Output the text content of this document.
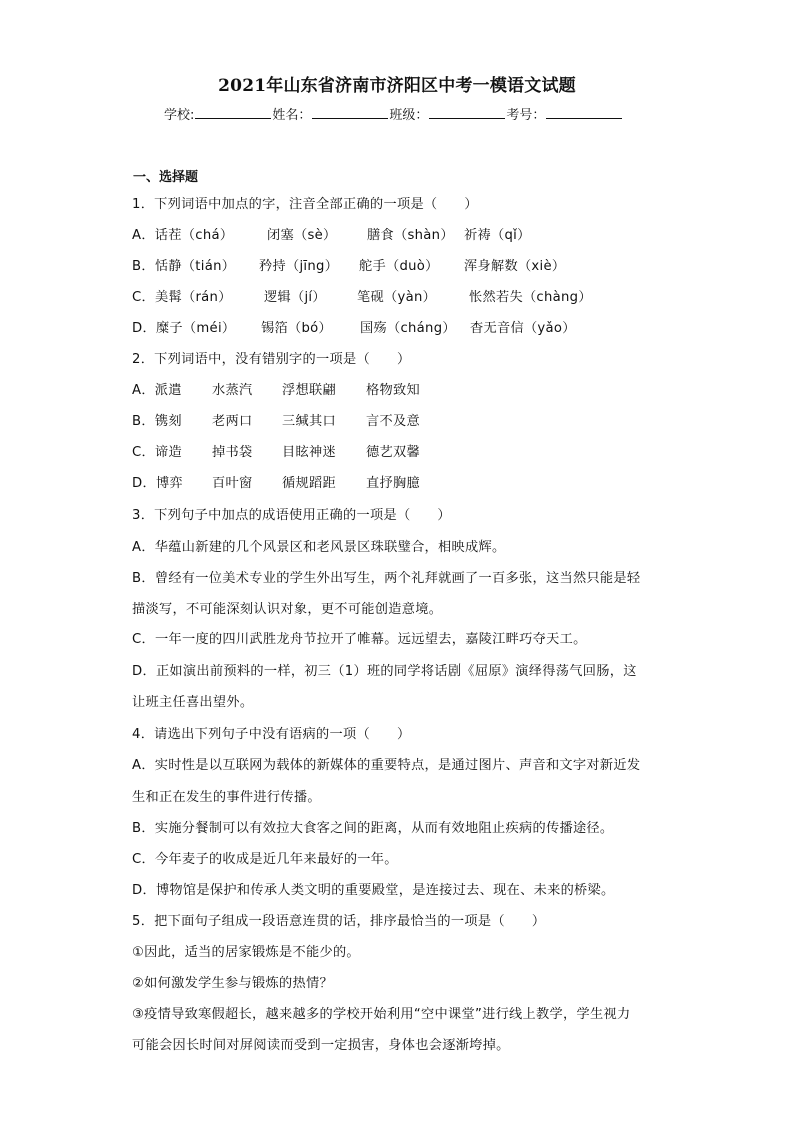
2021年山东省济南市济阳区中考一模语文试题
学校:	姓名：	班级：	考号：
一、选择题
1．下列词语中加点的字，注音全部正确的一项是（　　）
A．话茬（chá）	闭塞（sè） 膳食（shàn） 祈祷（qǐ）
B．恬静（tián） 矜持（jīng） 舵手（duò） 浑身解数（xiè）
C．美髯（rán） 逻辑（jí） 笔砚（yàn） 怅然若失（chàng）
D．糜子（méi） 锡箔（bó） 国殇（cháng） 杳无音信（yǎo）
2．下列词语中，没有错别字的一项是（　　）
A．派遣 水蒸汽 浮想联翩 格物致知
B．镌刻 老两口 三缄其口 言不及意
C．谛造 掉书袋 目眩神迷 德艺双馨
D．博弈 百叶窗 循规蹈距 直抒胸臆
3．下列句子中加点的成语使用正确的一项是（　　）
A．华蕴山新建的几个风景区和老风景区珠联璧合，相映成辉。
B．曾经有一位美术专业的学生外出写生，两个礼拜就画了一百多张，这当然只能是轻
描淡写，不可能深刻认识对象，更不可能创造意境。
C．一年一度的四川武胜龙舟节拉开了帷幕。远远望去，嘉陵江畔巧夺天工。
D．正如演出前预料的一样，初三（1）班的同学将话剧《屈原》演绎得荡气回肠，这
让班主任喜出望外。
4．请选出下列句子中没有语病的一项（　　）
A．实时性是以互联网为载体的新媒体的重要特点，是通过图片、声音和文字对新近发
生和正在发生的事件进行传播。
B．实施分餐制可以有效拉大食客之间的距离，从而有效地阻止疾病的传播途径。
C．今年麦子的收成是近几年来最好的一年。
D．博物馆是保护和传承人类文明的重要殿堂，是连接过去、现在、未来的桥梁。
5．把下面句子组成一段语意连贯的话，排序最恰当的一项是（　　）
①因此，适当的居家锻炼是不能少的。
②如何激发学生参与锻炼的热情？
③疫情导致寒假超长，越来越多的学校开始利用“空中课堂”进行线上教学，学生视力
可能会因长时间对屏阅读而受到一定损害，身体也会逐渐垮掉。
